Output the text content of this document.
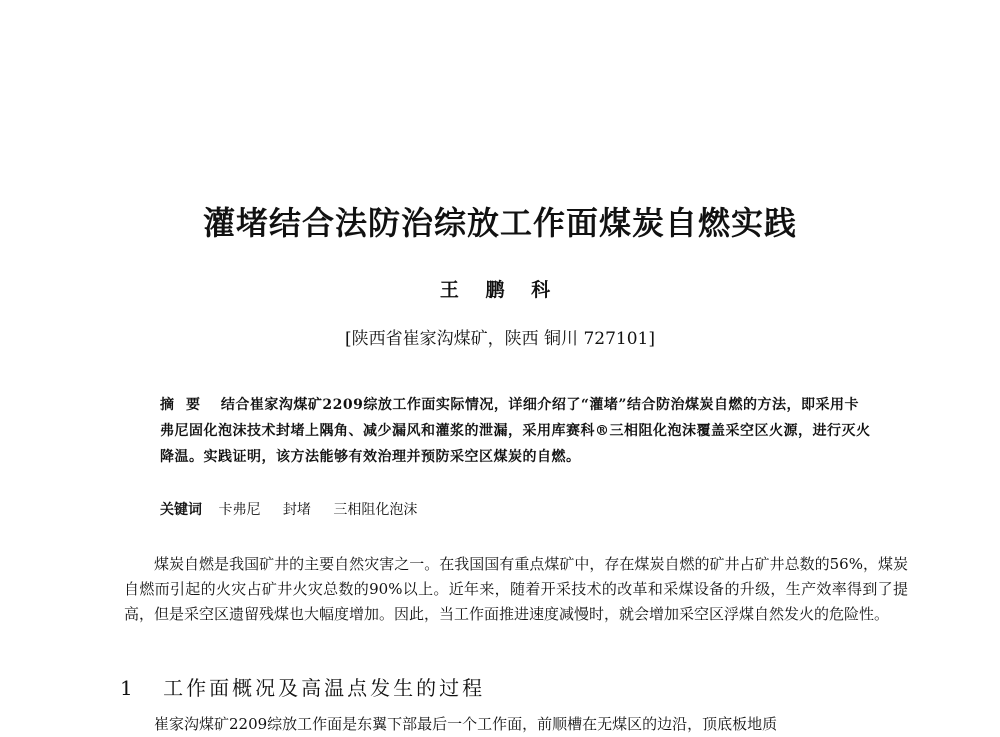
灌堵结合法防治综放工作面煤炭自燃实践
王 鹏 科
[陕西省崔家沟煤矿，陕西 铜川 727101]
摘要 结合崔家沟煤矿2209综放工作面实际情况，详细介绍了“灌堵”结合防治煤炭自燃的方法，即采用卡弗尼固化泡沫技术封堵上隅角、减少漏风和灌浆的泄漏，采用库赛科®三相阻化泡沫覆盖采空区火源，进行灭火降温。实践证明，该方法能够有效治理并预防采空区煤炭的自燃。
关键词 卡弗尼 封堵 三相阻化泡沫
煤炭自燃是我国矿井的主要自然灾害之一。在我国国有重点煤矿中，存在煤炭自燃的矿井占矿井总数的56%，煤炭自燃而引起的火灾占矿井火灾总数的90%以上。近年来，随着开采技术的改革和采煤设备的升级，生产效率得到了提高，但是采空区遗留残煤也大幅度增加。因此，当工作面推进速度减慢时，就会增加采空区浮煤自然发火的危险性。
1 工作面概况及高温点发生的过程
崔家沟煤矿2209综放工作面是东翼下部最后一个工作面，前顺槽在无煤区的边沿，顶底板地质
